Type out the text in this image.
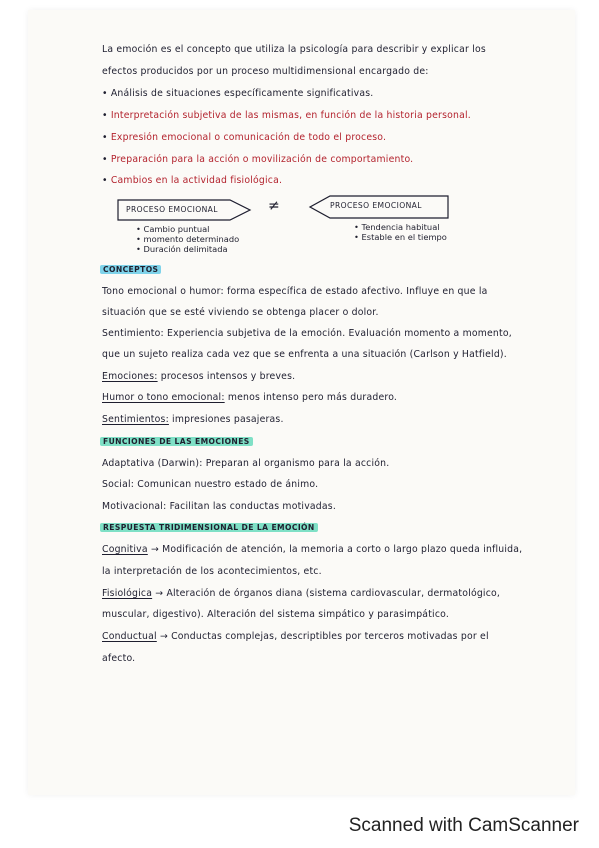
La emoción es el concepto que utiliza la psicología para describir y explicar los
efectos producidos por un proceso multidimensional encargado de:
• Análisis de situaciones específicamente significativas.
• Interpretación subjetiva de las mismas, en función de la historia personal.
• Expresión emocional o comunicación de todo el proceso.
• Preparación para la acción o movilización de comportamiento.
• Cambios en la actividad fisiológica.
PROCESO EMOCIONAL	≠	PROCESO EMOCIONAL
• Cambio puntual
• momento determinado
• Duración delimitada
• Tendencia habitual
• Estable en el tiempo
CONCEPTOS
Tono emocional o humor: forma específica de estado afectivo. Influye en que la
situación que se esté viviendo se obtenga placer o dolor.
Sentimiento: Experiencia subjetiva de la emoción. Evaluación momento a momento,
que un sujeto realiza cada vez que se enfrenta a una situación (Carlson y Hatfield).
Emociones: procesos intensos y breves.
Humor o tono emocional: menos intenso pero más duradero.
Sentimientos: impresiones pasajeras.
FUNCIONES DE LAS EMOCIONES
Adaptativa (Darwin): Preparan al organismo para la acción.
Social: Comunican nuestro estado de ánimo.
Motivacional: Facilitan las conductas motivadas.
RESPUESTA TRIDIMENSIONAL DE LA EMOCIÓN
Cognitiva → Modificación de atención, la memoria a corto o largo plazo queda influida,
la interpretación de los acontecimientos, etc.
Fisiológica → Alteración de órganos diana (sistema cardiovascular, dermatológico,
muscular, digestivo). Alteración del sistema simpático y parasimpático.
Conductual → Conductas complejas, descriptibles por terceros motivadas por el
afecto.
Scanned with CamScanner
